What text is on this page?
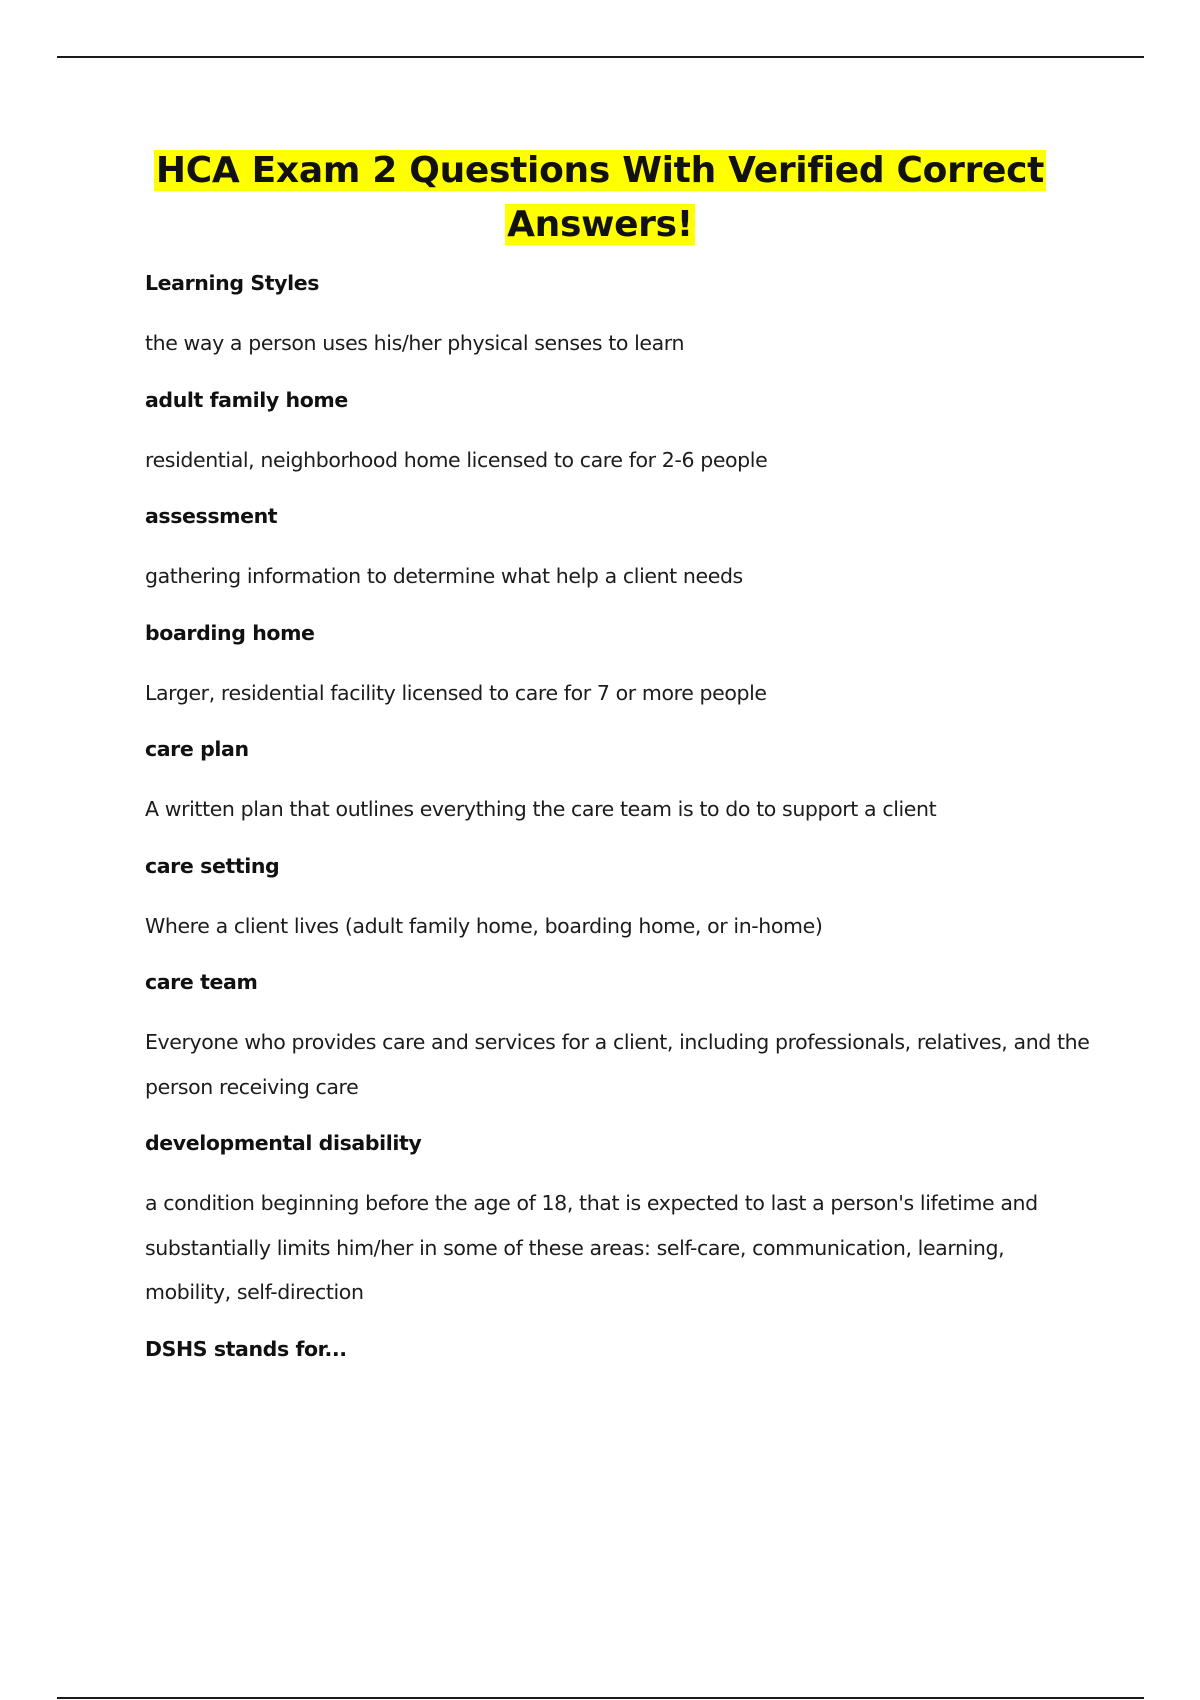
HCA Exam 2 Questions With Verified Correct Answers!
Learning Styles
the way a person uses his/her physical senses to learn
adult family home
residential, neighborhood home licensed to care for 2-6 people
assessment
gathering information to determine what help a client needs
boarding home
Larger, residential facility licensed to care for 7 or more people
care plan
A written plan that outlines everything the care team is to do to support a client
care setting
Where a client lives (adult family home, boarding home, or in-home)
care team
Everyone who provides care and services for a client, including professionals, relatives, and the person receiving care
developmental disability
a condition beginning before the age of 18, that is expected to last a person's lifetime and substantially limits him/her in some of these areas: self-care, communication, learning, mobility, self-direction
DSHS stands for...
